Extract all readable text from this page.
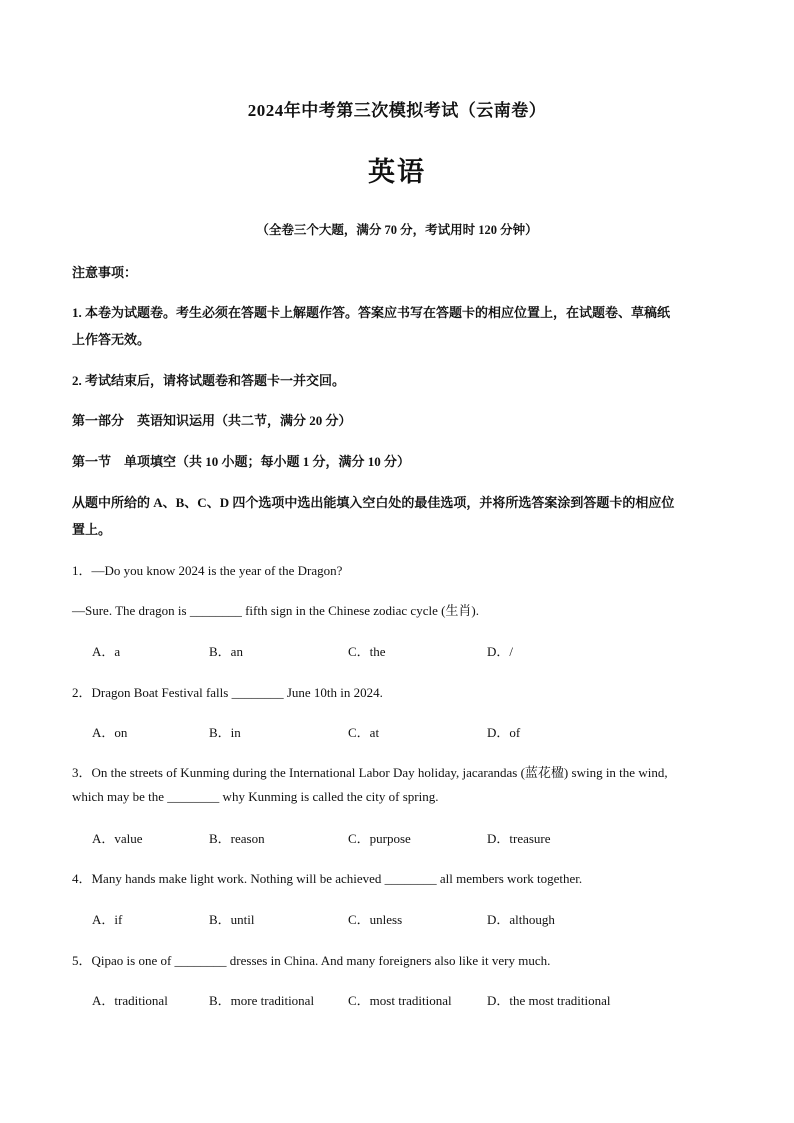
2024年中考第三次模拟考试（云南卷）
英语
（全卷三个大题，满分 70 分，考试用时 120 分钟）
注意事项：
1. 本卷为试题卷。考生必须在答题卡上解题作答。答案应书写在答题卡的相应位置上，在试题卷、草稿纸
上作答无效。
2. 考试结束后，请将试题卷和答题卡一并交回。
第一部分　英语知识运用（共二节，满分 20 分）
第一节　单项填空（共 10 小题；每小题 1 分，满分 10 分）
从题中所给的 A、B、C、D 四个选项中选出能填入空白处的最佳选项，并将所选答案涂到答题卡的相应位
置上。
1．—Do you know 2024 is the year of the Dragon?
—Sure. The dragon is ________ fifth sign in the Chinese zodiac cycle (生肖).
A．a	B．an	C．the	D．/
2．Dragon Boat Festival falls ________ June 10th in 2024.
A．on	B．in	C．at	D．of
3．On the streets of Kunming during the International Labor Day holiday, jacarandas (蓝花楹) swing in the wind,
which may be the ________ why Kunming is called the city of spring.
A．value	B．reason	C．purpose	D．treasure
4．Many hands make light work. Nothing will be achieved ________ all members work together.
A．if	B．until	C．unless	D．although
5．Qipao is one of ________ dresses in China. And many foreigners also like it very much.
A．traditional	B．more traditional	C．most traditional	D．the most traditional
